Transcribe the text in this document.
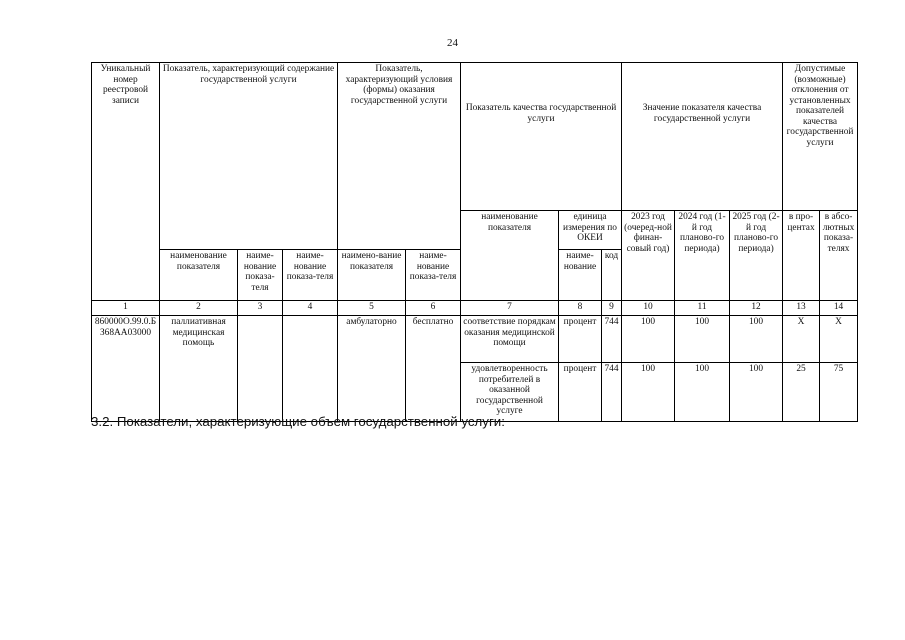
24
Уникальный номер реестровой записи	Показатель, характеризующий содержание государственной услуги			Показатель, характеризующий условия (формы) оказания государственной услуги		Показатель качества государственной услуги			Значение показателя качества государственной услуги			Допустимые (возможные) отклонения от установленных показателей качества государственной услуги	
						наименование показателя	единица измерения по ОКЕИ		2023 год (очеред-ной финан-совый год)	2024 год (1-й год планово-го периода)	2025 год (2-й год планово-го периода)	в про-центах	в абсо-лютных показа-телях
	наименование показателя	наиме-нование показа-теля	наиме-нование показа-теля	наимено-вание показателя	наиме-нование показа-теля		наиме-нование	код					
1	2	3	4	5	6	7	8	9	10	11	12	13	14
860000О.99.0.БЗ68АА03000	паллиативная медицинская помощь			амбулаторно	бесплатно	соответствие порядкам оказания медицинской помощи	процент	744	100	100	100	Х	Х
						удовлетворенность потребителей в оказанной государственной услуге	процент	744	100	100	100	25	75
3.2. Показатели, характеризующие объем государственной услуги:
